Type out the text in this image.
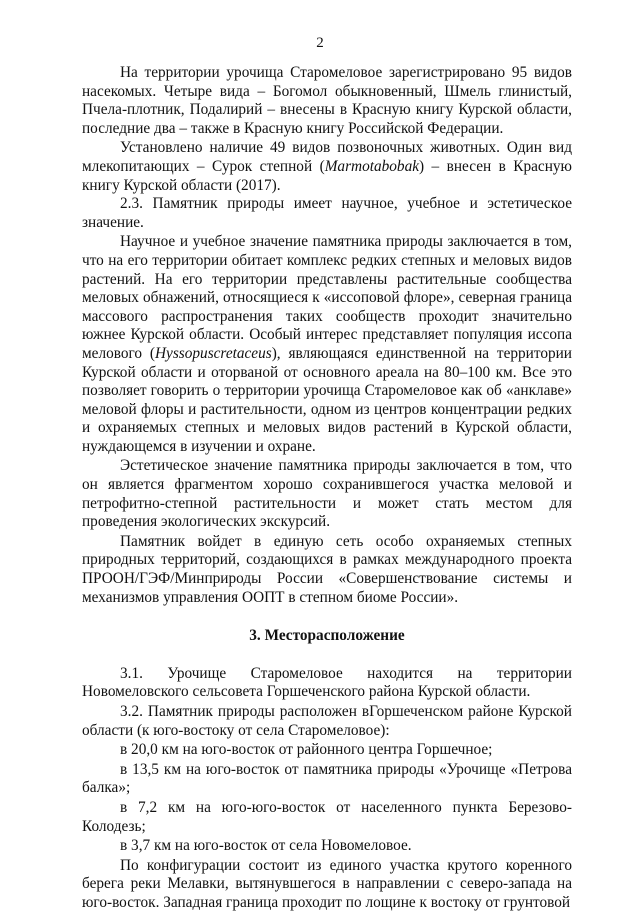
2

На территории урочища Старомеловое зарегистрировано 95 видов насекомых. Четыре вида – Богомол обыкновенный, Шмель глинистый, Пчела-плотник, Подалирий – внесены в Красную книгу Курской области, последние два – также в Красную книгу Российской Федерации.

Установлено наличие 49 видов позвоночных животных. Один вид млекопитающих – Сурок степной (Marmotabobak) – внесен в Красную книгу Курской области (2017).

2.3. Памятник природы имеет научное, учебное и эстетическое значение.

Научное и учебное значение памятника природы заключается в том, что на его территории обитает комплекс редких степных и меловых видов растений. На его территории представлены растительные сообщества меловых обнажений, относящиеся к «иссоповой флоре», северная граница массового распространения таких сообществ проходит значительно южнее Курской области. Особый интерес представляет популяция иссопа мелового (Hyssopuscretaceus), являющаяся единственной на территории Курской области и оторваной от основного ареала на 80–100 км. Все это позволяет говорить о территории урочища Старомеловое как об «анклаве» меловой флоры и растительности, одном из центров концентрации редких и охраняемых степных и меловых видов растений в Курской области, нуждающемся в изучении и охране.

Эстетическое значение памятника природы заключается в том, что он является фрагментом хорошо сохранившегося участка меловой и петрофитно-степной растительности и может стать местом для проведения экологических экскурсий.

Памятник войдет в единую сеть особо охраняемых степных природных территорий, создающихся в рамках международного проекта ПРООН/ГЭФ/Минприроды России «Совершенствование системы и механизмов управления ООПТ в степном биоме России».

3. Месторасположение

3.1. Урочище Старомеловое находится на территории Новомеловского сельсовета Горшеченского района Курской области.

3.2. Памятник природы расположен вГоршеченском районе Курской области (к юго-востоку от села Старомеловое):

в 20,0 км на юго-восток от районного центра Горшечное;

в 13,5 км на юго-восток от памятника природы «Урочище «Петрова балка»;

в 7,2 км на юго-юго-восток от населенного пункта Березово-Колодезь;

в 3,7 км на юго-восток от села Новомеловое.

По конфигурации состоит из единого участка крутого коренного берега реки Мелавки, вытянувшегося в направлении с северо-запада на юго-восток. Западная граница проходит по лощине к востоку от грунтовой
